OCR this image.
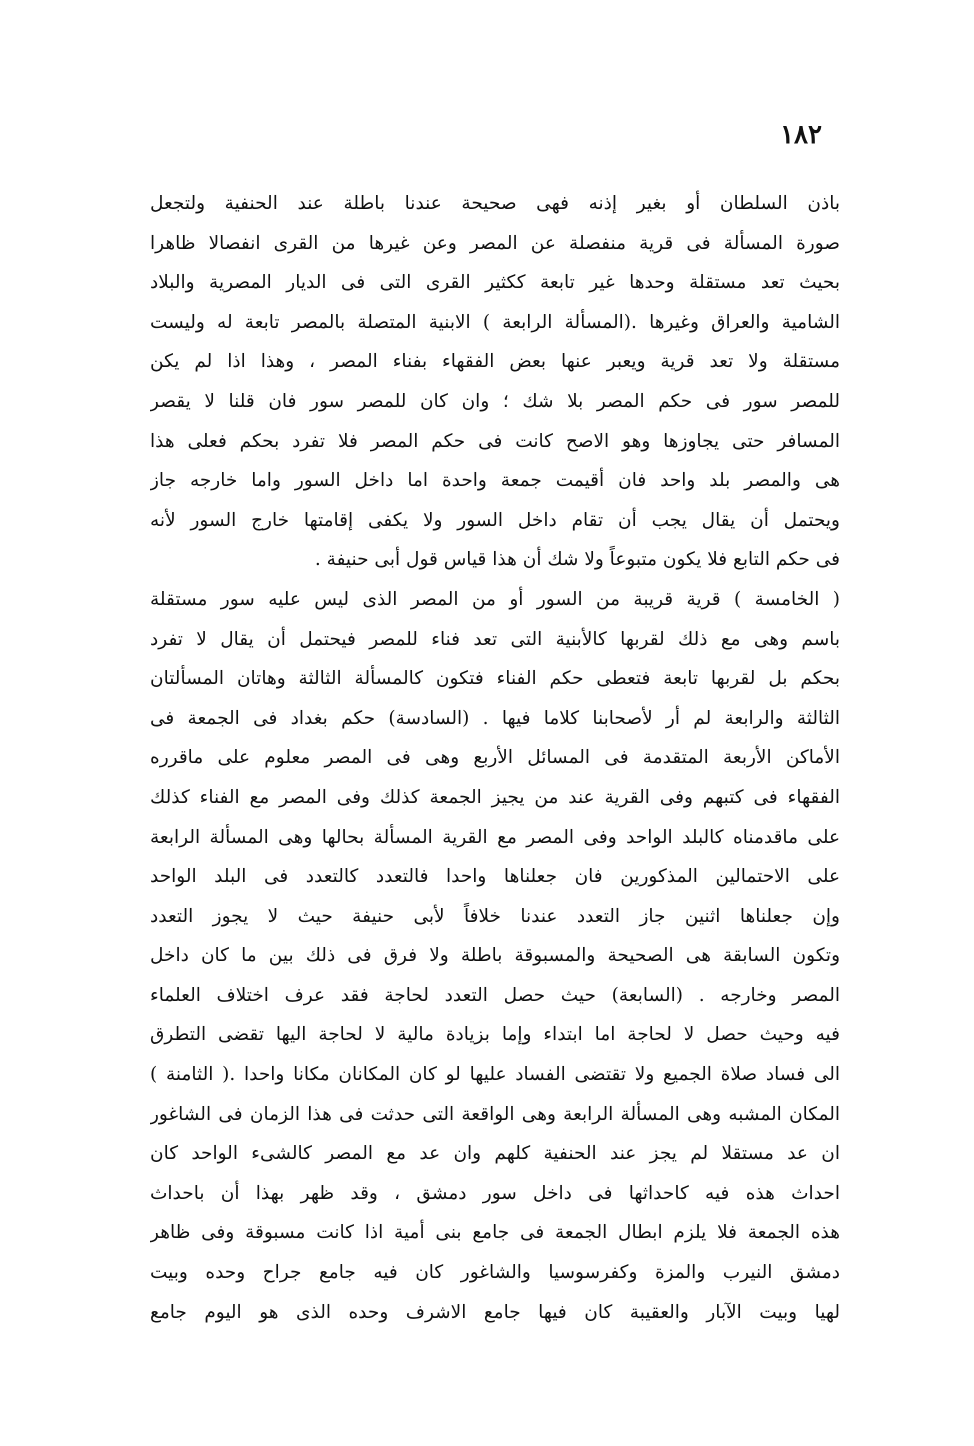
١٨٢
باذن السلطان أو بغير إذنه فهى صحيحة عندنا باطلة عند الحنفية ولتجعل
صورة المسألة فى قرية منفصلة عن المصر وعن غيرها من القرى انفصالا ظاهرا
بحيث تعد مستقلة وحدها غير تابعة ككثير القرى التى فى الديار المصرية والبلاد
الشامية والعراق وغيرها .(المسألة الرابعة ) الابنية المتصلة بالمصر تابعة له وليست
مستقلة ولا تعد قرية ويعبر عنها بعض الفقهاء بفناء المصر ، وهذا اذا لم يكن
للمصر سور فى حكم المصر بلا شك ؛ وان كان للمصر سور فان قلنا لا يقصر
المسافر حتى يجاوزها وهو الاصح كانت فى حكم المصر فلا تفرد بحكم فعلى هذا
هى والمصر بلد واحد فان أقيمت جمعة واحدة اما داخل السور واما خارجه جاز
ويحتمل أن يقال يجب أن تقام داخل السور ولا يكفى إقامتها خارج السور لأنه
فى حكم التابع فلا يكون متبوعاً ولا شك أن هذا قياس قول أبى حنيفة .
( الخامسة ) قرية قريبة من السور أو من المصر الذى ليس عليه سور مستقلة
باسم وهى مع ذلك لقربها كالأبنية التى تعد فناء للمصر فيحتمل أن يقال لا تفرد
بحكم بل لقربها تابعة فتعطى حكم الفناء فتكون كالمسألة الثالثة وهاتان المسألتان
الثالثة والرابعة لم أر لأصحابنا كلاما فيها . (السادسة) حكم بغداد فى الجمعة فى
الأماكن الأربعة المتقدمة فى المسائل الأربع وهى فى المصر معلوم على ماقرره
الفقهاء فى كتبهم وفى القرية عند من يجيز الجمعة كذلك وفى المصر مع الفناء كذلك
على ماقدمناه كالبلد الواحد وفى المصر مع القرية المسألة بحالها وهى المسألة الرابعة
على الاحتمالين المذكورين فان جعلناها واحدا فالتعدد كالتعدد فى البلد الواحد
وإن جعلناها اثنين جاز التعدد عندنا خلافاً لأبى حنيفة حيث لا يجوز التعدد
وتكون السابقة هى الصحيحة والمسبوقة باطلة ولا فرق فى ذلك بين ما كان داخل
المصر وخارجه . (السابعة) حيث حصل التعدد لحاجة فقد عرف اختلاف العلماء
فيه وحيث حصل لا لحاجة اما ابتداء وإما بزيادة مالية لا لحاجة اليها تقضى التطرق
الى فساد صلاة الجميع ولا تقتضى الفساد عليها لو كان المكانان مكانا واحدا .( الثامنة )
المكان المشبه وهى المسألة الرابعة وهى الواقعة التى حدثت فى هذا الزمان فى الشاغور
ان عد مستقلا لم يجز عند الحنفية كلهم وان عد مع المصر كالشىء الواحد كان
احداث هذه فيه كاحداثها فى داخل سور دمشق ، وقد ظهر بهذا أن باحداث
هذه الجمعة فلا يلزم ابطال الجمعة فى جامع بنى أمية اذا كانت مسبوقة وفى ظاهر
دمشق النيرب والمزة وكفرسوسيا والشاغور كان فيه جامع جراح وحده وبيت
لهيا وبيت الآبار والعقيبة كان فيها جامع الاشرف وحده الذى هو اليوم جامع
